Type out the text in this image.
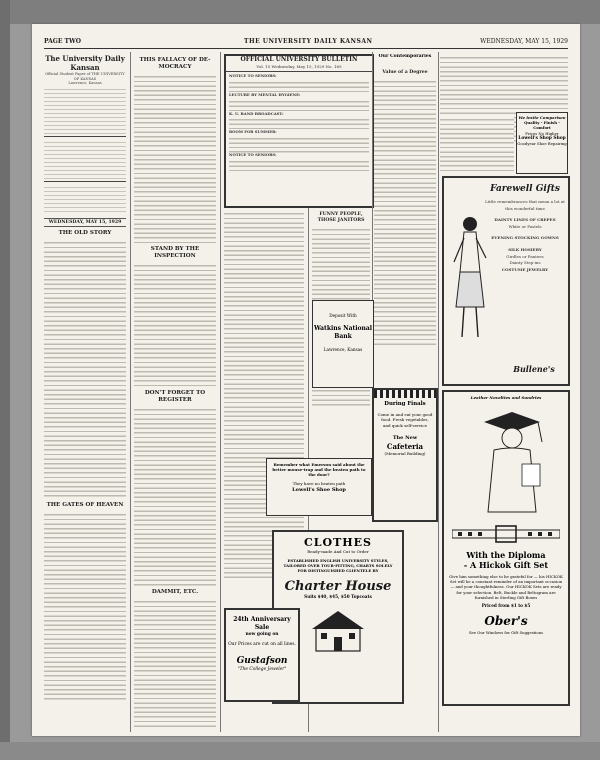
PAGE TWO	THE UNIVERSITY DAILY KANSAN	WEDNESDAY, MAY 15, 1929
The University Daily Kansan
Official Student Paper of THE UNIVERSITY OF KANSAS
Lawrence, Kansas
WEDNESDAY, MAY 15, 1929
THE OLD STORY
THE GATES OF HEAVEN
THIS FALLACY OF DE-MOCRACY
STAND BY THE INSPECTION
DON'T FORGET TO REGISTER
DAMMIT, ETC.
OFFICIAL UNIVERSITY BULLETIN
Vol. 15 Wednesday, May 15, 1929 No. 169
NOTICE TO SENIORS:
LECTURE BY MENTAL HYGIENE:
K. U. BAND BROADCAST:
ROOM FOR SUMMER:
NOTICE TO SENIORS:
Our Contemporaries
FUNNY PEOPLE, THOSE JANITORS
Value of a Degree
We Invite Comparison
Quality - Finish - Comfort
Prices No Higher
Lowell's Shop Shop
Goodyear Shoe Repairing
Farewell Gifts
Little remembrances that mean a lot at this wonderful time
DAINTY LINES OF CREPES
White or Pastels
EVENING STOCKING GOWNS
SILK HOSIERY
Girdles or Pantees
Dainty Step-ins
COSTUME JEWELRY
Bullene's
Deposit With
Watkins National
Bank
Lawrence, Kansas
During Finals
Come in and eat your good food. Fresh vegetables, and quick self-service
The New
Cafeteria
(Memorial Building)
Remember what Emerson said about the better mouse-trap and the beaten path to the door?
They have no beaten path
Lowell's Shoe Shop
CLOTHES
Ready-made And Cut to Order
ESTABLISHED ENGLISH UNIVERSITY STYLES, TAILORED OVER TOUR-FITTING, CHARTS SOLELY FOR DISTINGUISHED CLIENTELE BY
Charter House
Suits $40, $45, $50 Topcoats
24th Anniversary Sale
now going on
Our Prices are cut on all lines.
Gustafson
"The College Jeweler"
Leather Novelties and Sundries
With the Diploma
- A Hickok Gift Set
Give him something else to be grateful for — his HICKOK Set will be a constant reminder of an important occasion — and your thoughtfulness. Our HICKOK Sets are ready for your selection. Belt, Buckle and Beltogram are furnished in Sterling Gift Boxes
Priced from $1 to $5
Ober's
See Our Windows for Gift Suggestions
